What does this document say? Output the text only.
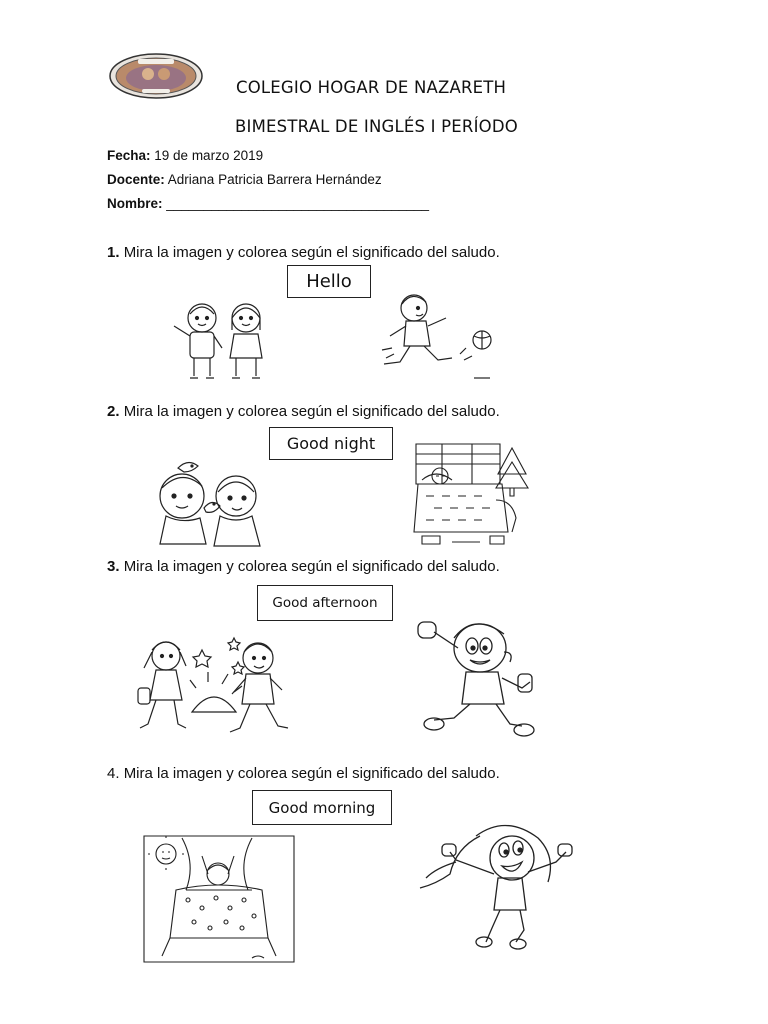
COLEGIO HOGAR DE NAZARETH
BIMESTRAL DE INGLÉS I PERÍODO
Fecha: 19 de marzo 2019
Docente: Adriana Patricia Barrera Hernández
Nombre: ___________________________________
1. Mira la imagen y colorea según el significado del saludo.
Hello
2. Mira la imagen y colorea según el significado del saludo.
Good night
3. Mira la imagen y colorea según el significado del saludo.
Good afternoon
4. Mira la imagen y colorea según el significado del saludo.
Good morning
